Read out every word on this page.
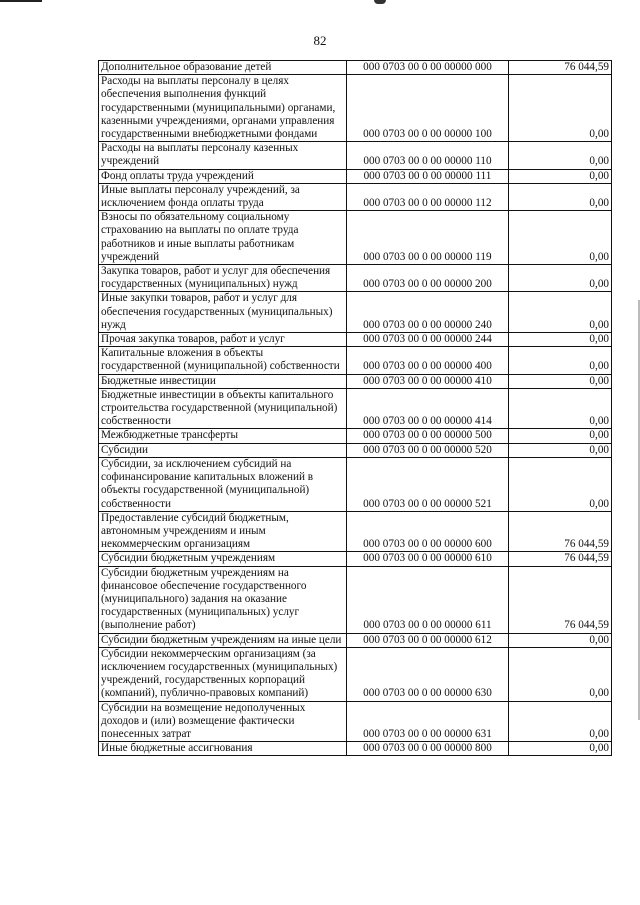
82
Дополнительное образование детей	000 0703 00 0 00 00000 000	76 044,59
Расходы на выплаты персоналу в целях обеспечения выполнения функций государственными (муниципальными) органами, казенными учреждениями, органами управления государственными внебюджетными фондами	000 0703 00 0 00 00000 100	0,00
Расходы на выплаты персоналу казенных учреждений	000 0703 00 0 00 00000 110	0,00
Фонд оплаты труда учреждений	000 0703 00 0 00 00000 111	0,00
Иные выплаты персоналу учреждений, за исключением фонда оплаты труда	000 0703 00 0 00 00000 112	0,00
Взносы по обязательному социальному страхованию на выплаты по оплате труда работников и иные выплаты работникам учреждений	000 0703 00 0 00 00000 119	0,00
Закупка товаров, работ и услуг для обеспечения государственных (муниципальных) нужд	000 0703 00 0 00 00000 200	0,00
Иные закупки товаров, работ и услуг для обеспечения государственных (муниципальных) нужд	000 0703 00 0 00 00000 240	0,00
Прочая закупка товаров, работ и услуг	000 0703 00 0 00 00000 244	0,00
Капитальные вложения в объекты государственной (муниципальной) собственности	000 0703 00 0 00 00000 400	0,00
Бюджетные инвестиции	000 0703 00 0 00 00000 410	0,00
Бюджетные инвестиции в объекты капитального строительства государственной (муниципальной) собственности	000 0703 00 0 00 00000 414	0,00
Межбюджетные трансферты	000 0703 00 0 00 00000 500	0,00
Субсидии	000 0703 00 0 00 00000 520	0,00
Субсидии, за исключением субсидий на софинансирование капитальных вложений в объекты государственной (муниципальной) собственности	000 0703 00 0 00 00000 521	0,00
Предоставление субсидий бюджетным, автономным учреждениям и иным некоммерческим организациям	000 0703 00 0 00 00000 600	76 044,59
Субсидии бюджетным учреждениям	000 0703 00 0 00 00000 610	76 044,59
Субсидии бюджетным учреждениям на финансовое обеспечение государственного (муниципального) задания на оказание государственных (муниципальных) услуг (выполнение работ)	000 0703 00 0 00 00000 611	76 044,59
Субсидии бюджетным учреждениям на иные цели	000 0703 00 0 00 00000 612	0,00
Субсидии некоммерческим организациям (за исключением государственных (муниципальных) учреждений, государственных корпораций (компаний), публично-правовых компаний)	000 0703 00 0 00 00000 630	0,00
Субсидии на возмещение недополученных доходов и (или) возмещение фактически понесенных затрат	000 0703 00 0 00 00000 631	0,00
Иные бюджетные ассигнования	000 0703 00 0 00 00000 800	0,00
